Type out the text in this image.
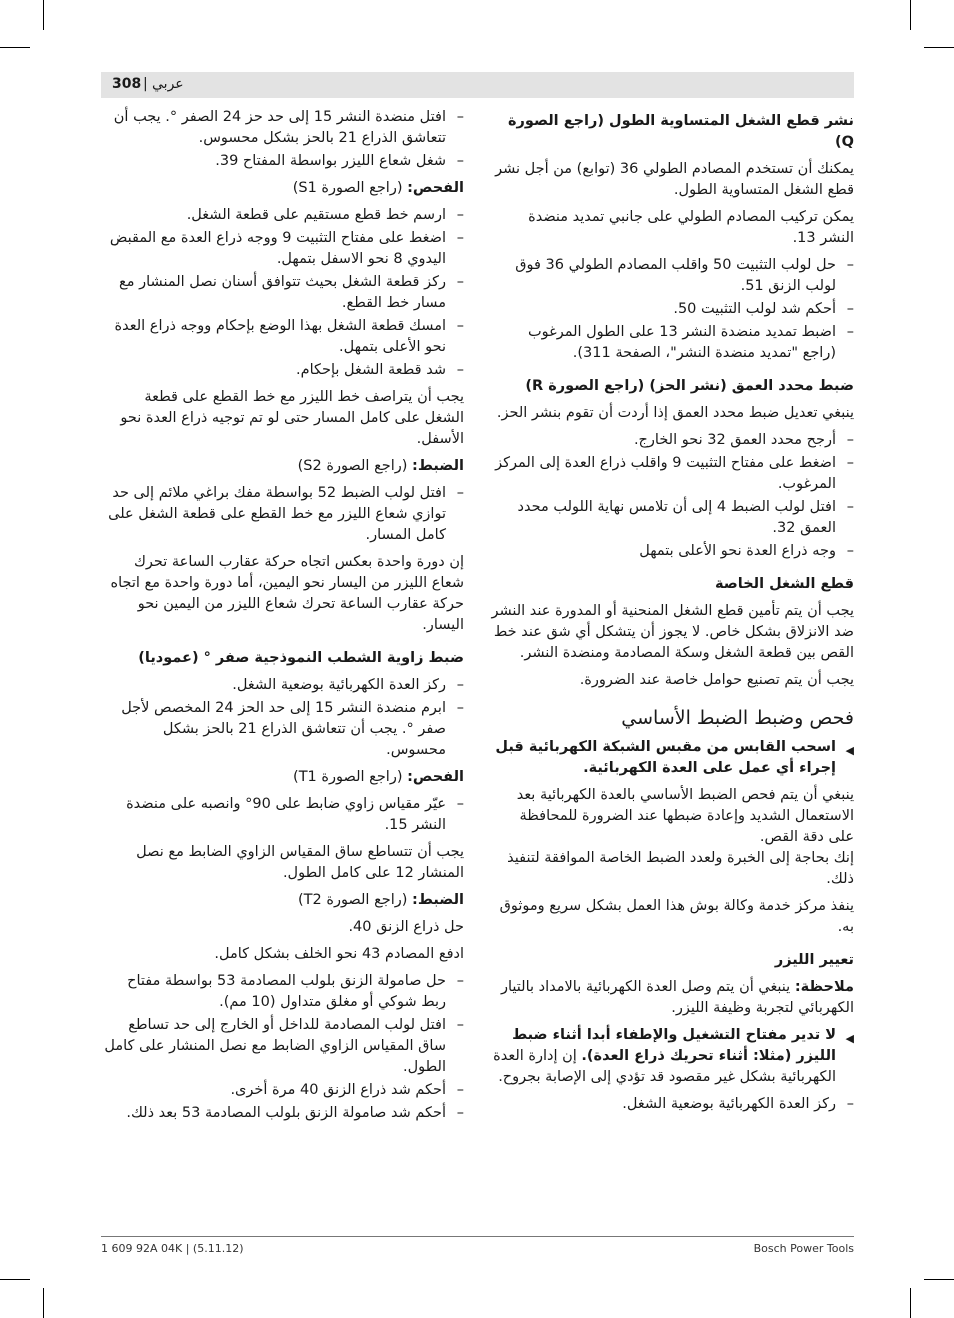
308 | عربي
نشر قطع الشغل المتساوية الطول (راجع الصورة Q)

يمكنك أن تستخدم المصادم الطولي 36 (توابع) من أجل نشر قطع الشغل المتساوية الطول.

يمكن تركيب المصادم الطولي على جانبي تمديد منضدة النشر 13.

– حل لولب التثبيت 50 واقلب المصادم الطولي 36 فوق لولب الزنق 51.
– أحكم شد لولب التثبيت 50.
– اضبط تمديد منضدة النشر 13 على الطول المرغوب (راجع "تمديد منضدة النشر"، الصفحة 311).
ضبط محدد العمق (نشر الحز) (راجع الصورة R)

ينبغي تعديل ضبط محدد العمق إذا أردت أن تقوم بنشر الحز.

– أرجح محدد العمق 32 نحو الخارج.
– اضغط على مفتاح التثبيت 9 واقلب ذراع العدة إلى المركز المرغوب.
– افتل لولب الضبط 4 إلى أن تلامس نهاية اللولب محدد العمق 32.
– وجه ذراع العدة نحو الأعلى بتمهل
قطع الشغل الخاصة

يجب أن يتم تأمين قطع الشغل المنحنية أو المدورة عند النشر ضد الانزلاق بشكل خاص. لا يجوز أن يتشكل أي شق عند خط القص بين قطعة الشغل وسكة المصادمة ومنضدة النشر.

يجب أن يتم تصنيع حوامل خاصة عند الضرورة.

فحص وضبط الضبط الأساسي
◀
اسحب القابس من مقبس الشبكة الكهربائية قبل إجراء أي عمل على العدة الكهربائية.

ينبغي أن يتم فحص الضبط الأساسي بالعدة الكهربائية بعد الاستعمال الشديد وإعادة ضبطها عند الضرورة للمحافظة على دقة القص.

إنك بحاجة إلى الخبرة ولعدد الضبط الخاصة الموافقة لتنفيذ ذلك.

ينفذ مركز خدمة وكالة بوش هذا العمل بشكل سريع وموثوق به.

تعيير الليزر

ملاحظة: ينبغي أن يتم وصل العدة الكهربائية بالامداد بالتيار الكهربائي لتجربة وظيفة الليزر.

◀
لا تدير مفتاح التشغيل والإطفاء أبدا أثناء ضبط الليزر (مثلا: أثناء تحريك ذراع العدة). إن إدارة العدة الكهربائية بشكل غير مقصود قد تؤدي إلى الإصابة بجروح.
– ركز العدة الكهربائية بوضعية الشغل.
– افتل منضدة النشر 15 إلى حد حز 24 الصفر °. يجب أن تتعاشق الذراع 21 بالحز بشكل محسوس.
– شغل شعاع الليزر بواسطة المفتاح 39.

الفحص: (راجع الصورة S1)

– ارسم خط قطع مستقيم على قطعة الشغل.
– اضغط على مفتاح التثبيت 9 ووجه ذراع العدة مع المقبض اليدوي 8 نحو الاسفل بتمهل.
– ركز قطعة الشغل بحيث تتوافق أسنان نصل المنشار مع مسار خط القطع.
– امسك قطعة الشغل بهذا الوضع بإحكام ووجه ذراع العدة نحو الأعلى بتمهل.
– شد قطعة الشغل بإحكام.

يجب أن يتراصف خط الليزر مع خط القطع على قطعة الشغل على كامل المسار حتى لو تم توجيه ذراع العدة نحو الأسفل.

الضبط: (راجع الصورة S2)

– افتل لولب الضبط 52 بواسطة مفك براغي ملائم إلى حد توازي شعاع الليزر مع خط القطع على قطعة الشغل على كامل المسار.

إن دورة واحدة بعكس اتجاه حركة عقارب الساعة تحرك شعاع الليزر من اليسار نحو اليمين، أما دورة واحدة مع اتجاه حركة عقارب الساعة تحرك شعاع الليزر من اليمين نحو اليسار.

ضبط زاوية الشطب النموذجية صفر ° (عموديا)
– ركز العدة الكهربائية بوضعية الشغل.
– ابرم منضدة النشر 15 إلى حد الحز 24 المخصص لأجل صفر °. يجب أن تتعاشق الذراع 21 بالحز بشكل محسوس.

الفحص: (راجع الصورة T1)

– عيّر مقياس زاوي ضابط على 90° وانصبه على منضدة النشر 15.

يجب أن تتساطع ساق المقياس الزاوي الضابط مع نصل المنشار 12 على كامل الطول.

الضبط: (راجع الصورة T2)

حل ذراع الزنق 40.

ادفع المصادم 43 نحو الخلف بشكل كامل.

– حل صامولة الزنق بلولب المصادمة 53 بواسطة مفتاح ربط شوكي أو مغلق متداول (10 مم).
– افتل لولب المصادمة للداخل أو الخارج إلى حد تساطع ساق المقياس الزاوي الضابط مع نصل المنشار على كامل الطول.
– أحكم شد ذراع الزنق 40 مرة أخرى.
– أحكم شد صامولة الزنق بلولب المصادمة 53 بعد ذلك.
1 609 92A 04K | (5.11.12)	Bosch Power Tools
